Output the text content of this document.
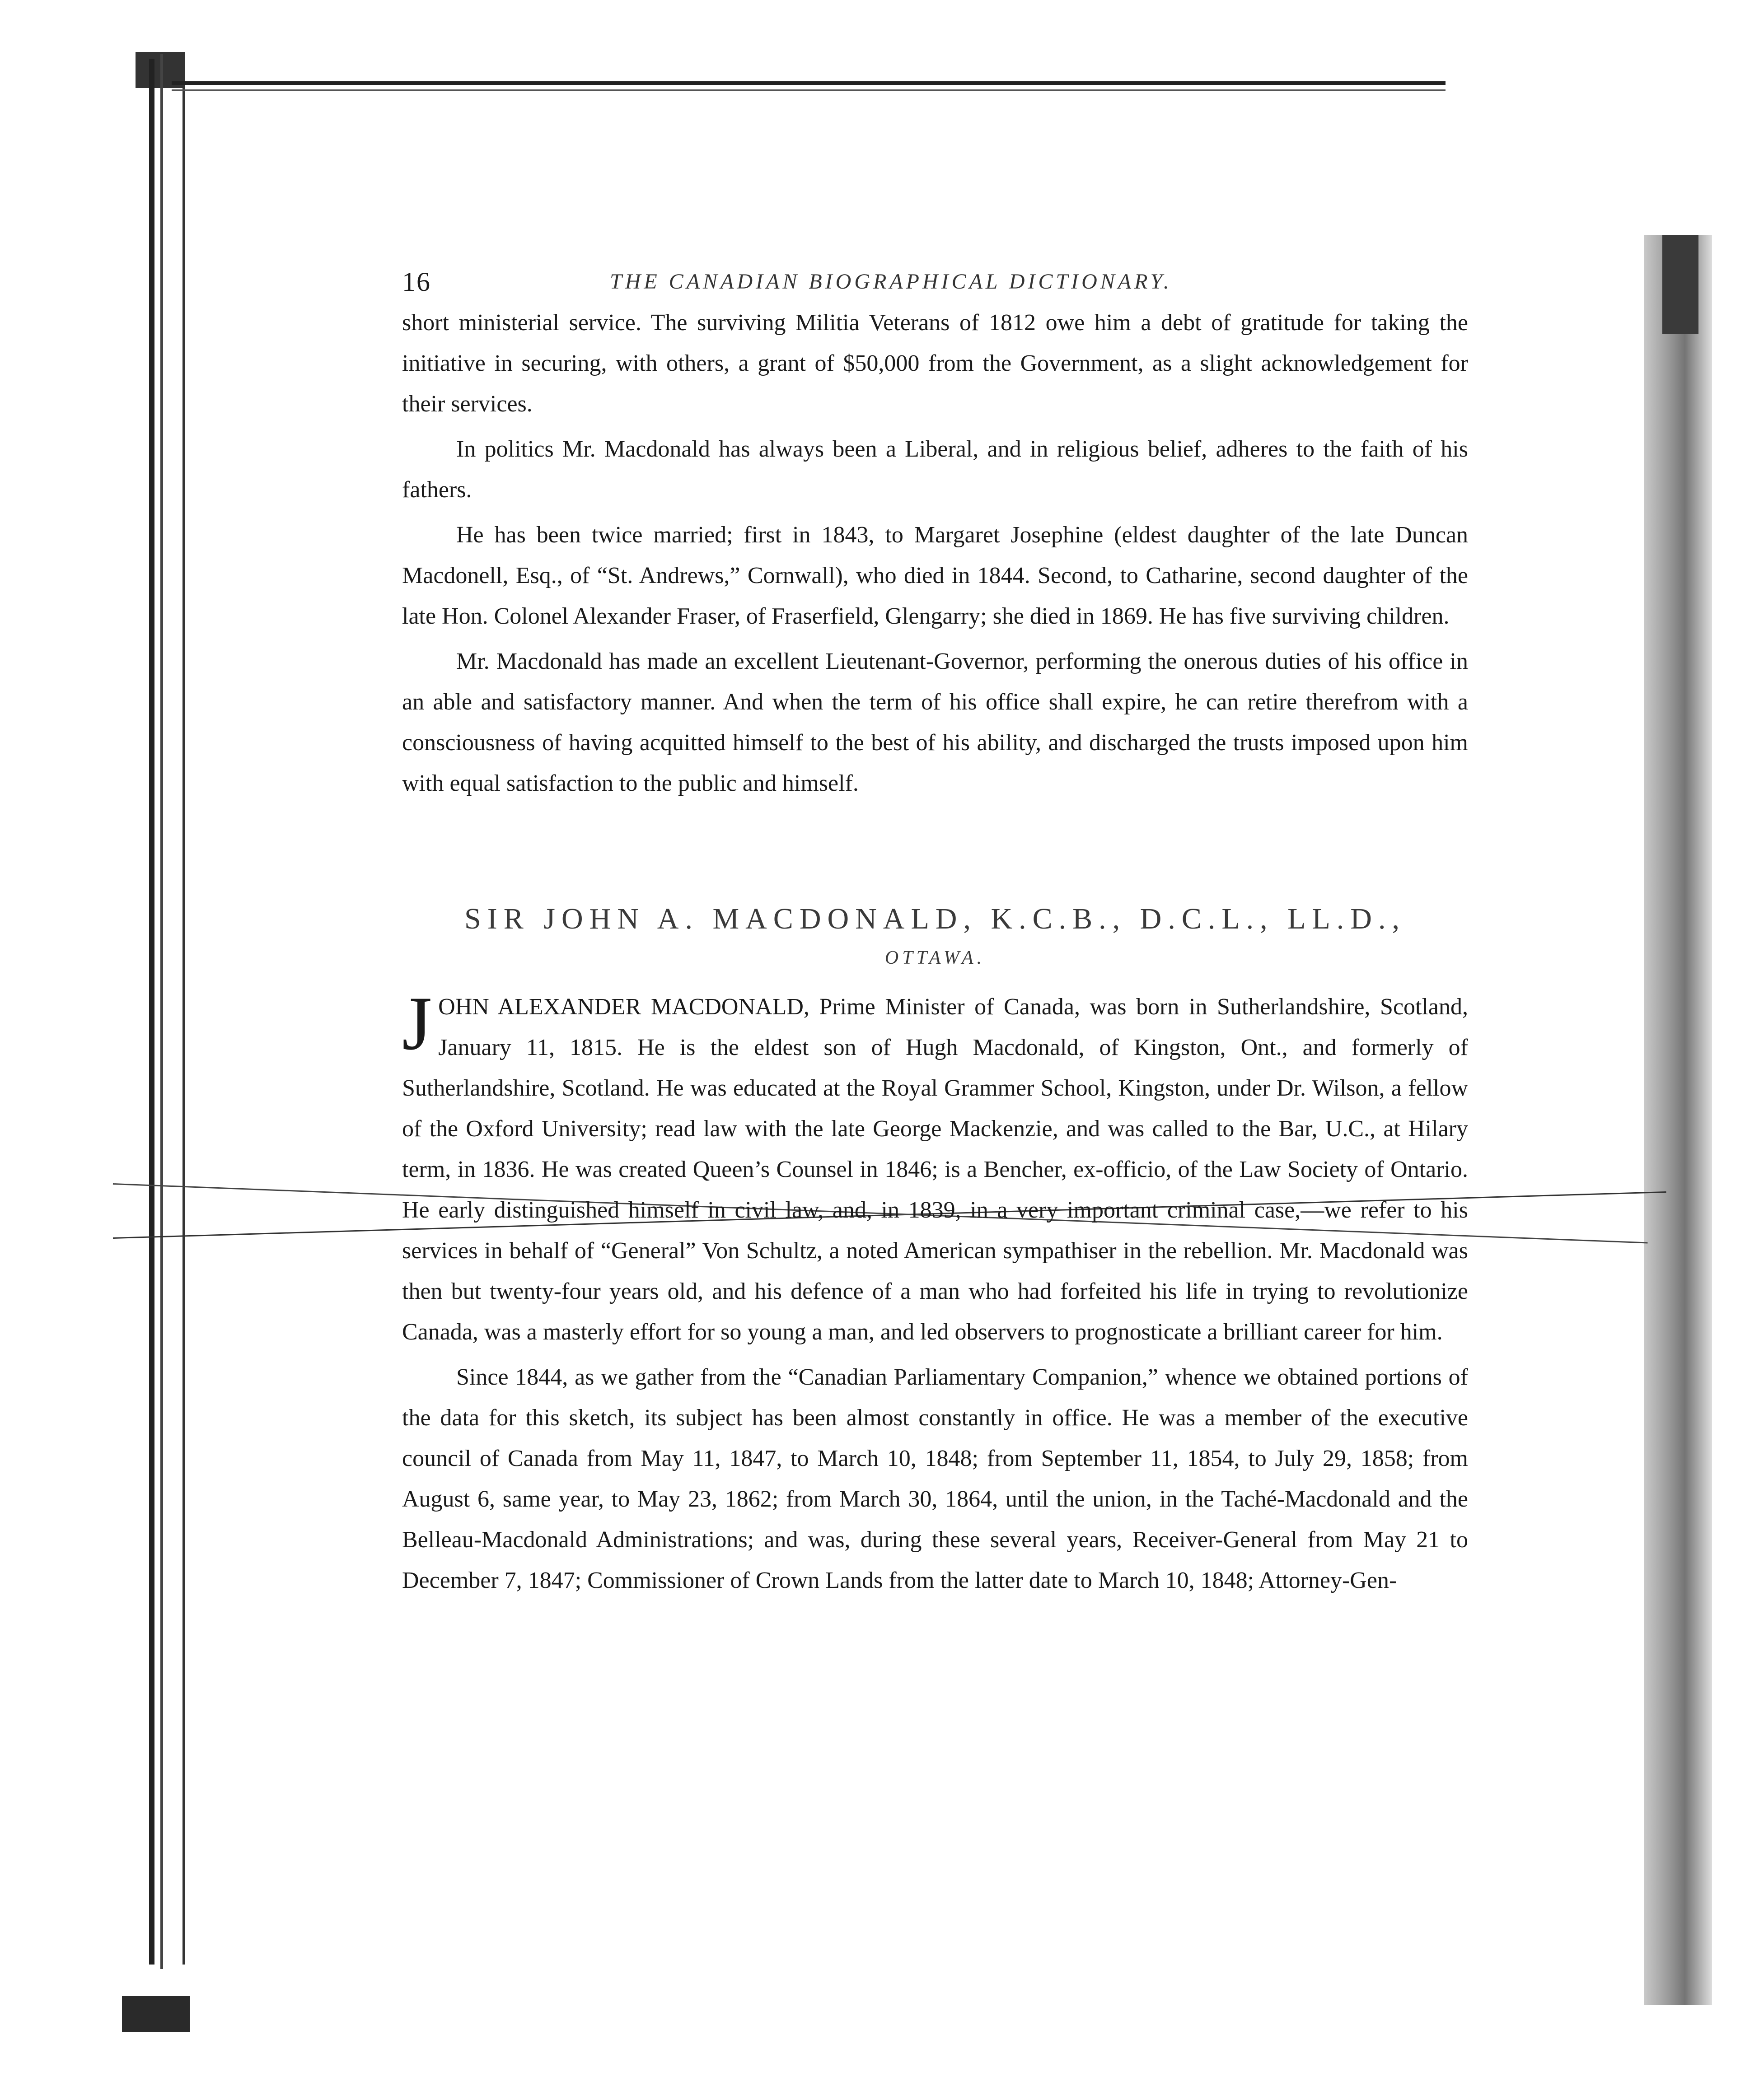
16	THE CANADIAN BIOGRAPHICAL DICTIONARY.

short ministerial service. The surviving Militia Veterans of 1812 owe him a debt of gratitude for taking the initiative in securing, with others, a grant of $50,000 from the Government, as a slight acknowledgement for their services.

In politics Mr. Macdonald has always been a Liberal, and in religious belief, adheres to the faith of his fathers.

He has been twice married; first in 1843, to Margaret Josephine (eldest daughter of the late Duncan Macdonell, Esq., of “St. Andrews,” Cornwall), who died in 1844. Second, to Catharine, second daughter of the late Hon. Colonel Alexander Fraser, of Fraserfield, Glengarry; she died in 1869. He has five surviving children.

Mr. Macdonald has made an excellent Lieutenant-Governor, performing the onerous duties of his office in an able and satisfactory manner. And when the term of his office shall expire, he can retire therefrom with a consciousness of having acquitted himself to the best of his ability, and discharged the trusts imposed upon him with equal satisfaction to the public and himself.

SIR JOHN A. MACDONALD, K.C.B., D.C.L., LL.D.,
OTTAWA.

JOHN ALEXANDER MACDONALD, Prime Minister of Canada, was born in Sutherlandshire, Scotland, January 11, 1815. He is the eldest son of Hugh Macdonald, of Kingston, Ont., and formerly of Sutherlandshire, Scotland. He was educated at the Royal Grammer School, Kingston, under Dr. Wilson, a fellow of the Oxford University; read law with the late George Mackenzie, and was called to the Bar, U.C., at Hilary term, in 1836. He was created Queen’s Counsel in 1846; is a Bencher, ex-officio, of the Law Society of Ontario. He early distinguished himself in civil law, and, in 1839, in a very important criminal case,—we refer to his services in behalf of “General” Von Schultz, a noted American sympathiser in the rebellion. Mr. Macdonald was then but twenty-four years old, and his defence of a man who had forfeited his life in trying to revolutionize Canada, was a masterly effort for so young a man, and led observers to prognosticate a brilliant career for him.

Since 1844, as we gather from the “Canadian Parliamentary Companion,” whence we obtained portions of the data for this sketch, its subject has been almost constantly in office. He was a member of the executive council of Canada from May 11, 1847, to March 10, 1848; from September 11, 1854, to July 29, 1858; from August 6, same year, to May 23, 1862; from March 30, 1864, until the union, in the Taché-Macdonald and the Belleau-Macdonald Administrations; and was, during these several years, Receiver-General from May 21 to December 7, 1847; Commissioner of Crown Lands from the latter date to March 10, 1848; Attorney-Gen-
